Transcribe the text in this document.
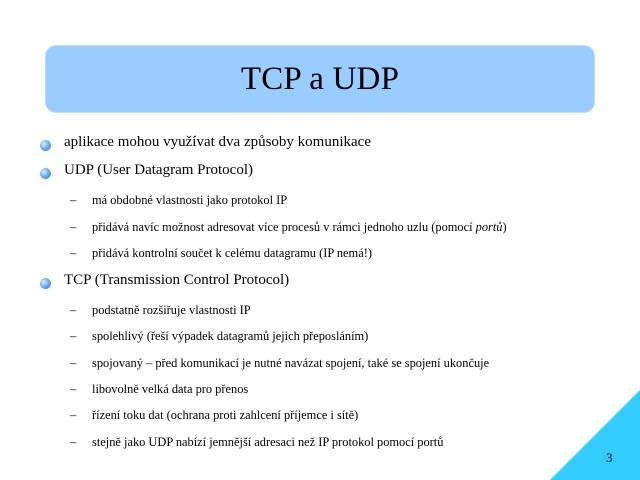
TCP a UDP
aplikace mohou využívat dva způsoby komunikace
UDP (User Datagram Protocol)
– má obdobné vlastnosti jako protokol IP
– přidává navíc možnost adresovat více procesů v rámci jednoho uzlu (pomocí portů)
– přidává kontrolní součet k celému datagramu (IP nemá!)
TCP (Transmission Control Protocol)
– podstatně rozšiřuje vlastnosti IP
– spolehlivý (řeší výpadek datagramů jejich přeposláním)
– spojovaný – před komunikací je nutné navázat spojení, také se spojení ukončuje
– libovolně velká data pro přenos
– řízení toku dat (ochrana proti zahlcení příjemce i sítě)
– stejně jako UDP nabízí jemnější adresaci než IP protokol pomocí portů
3
